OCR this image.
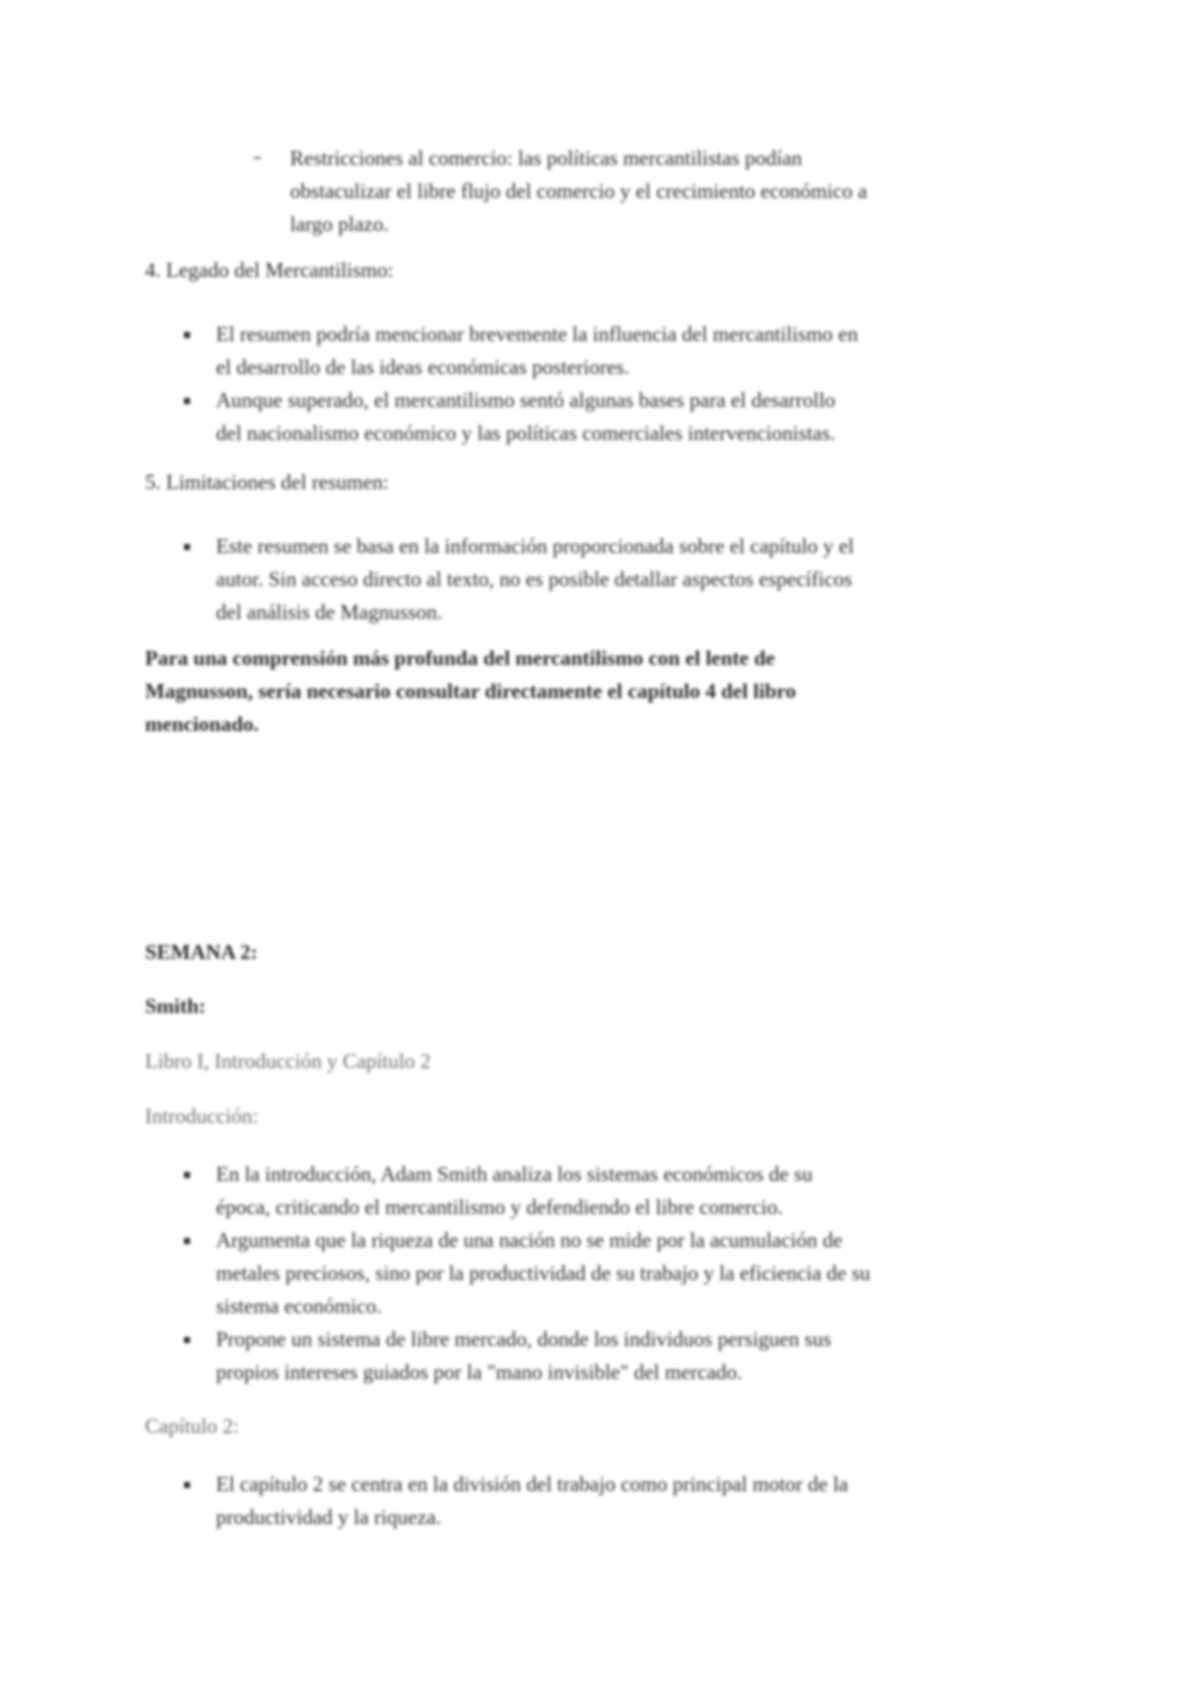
Restricciones al comercio: las políticas mercantilistas podían
obstaculizar el libre flujo del comercio y el crecimiento económico a
largo plazo.
4. Legado del Mercantilismo:
El resumen podría mencionar brevemente la influencia del mercantilismo en
el desarrollo de las ideas económicas posteriores.
Aunque superado, el mercantilismo sentó algunas bases para el desarrollo
del nacionalismo económico y las políticas comerciales intervencionistas.
5. Limitaciones del resumen:
Este resumen se basa en la información proporcionada sobre el capítulo y el
autor. Sin acceso directo al texto, no es posible detallar aspectos específicos
del análisis de Magnusson.
Para una comprensión más profunda del mercantilismo con el lente de
Magnusson, sería necesario consultar directamente el capítulo 4 del libro
mencionado.
SEMANA 2:
Smith:
Libro I, Introducción y Capítulo 2
Introducción:
En la introducción, Adam Smith analiza los sistemas económicos de su
época, criticando el mercantilismo y defendiendo el libre comercio.
Argumenta que la riqueza de una nación no se mide por la acumulación de
metales preciosos, sino por la productividad de su trabajo y la eficiencia de su
sistema económico.
Propone un sistema de libre mercado, donde los individuos persiguen sus
propios intereses guiados por la "mano invisible" del mercado.
Capítulo 2:
El capítulo 2 se centra en la división del trabajo como principal motor de la
productividad y la riqueza.
